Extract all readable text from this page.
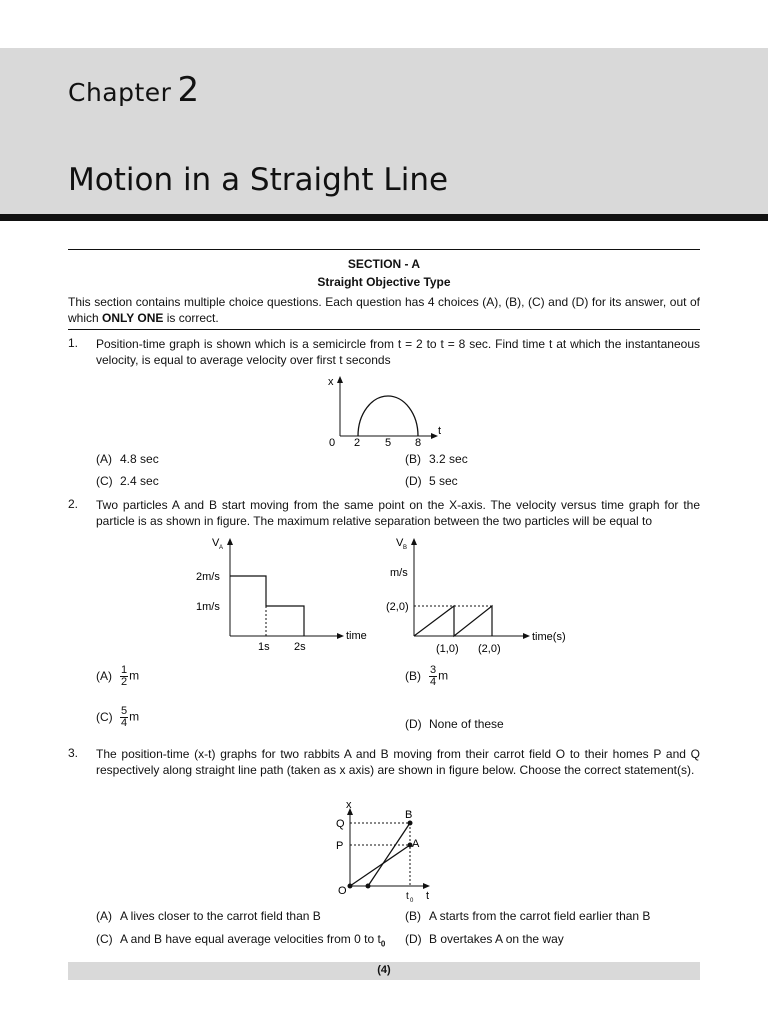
Chapter 2
Motion in a Straight Line
SECTION - A
Straight Objective Type
This section contains multiple choice questions. Each question has 4 choices (A), (B), (C) and (D) for its answer, out of which ONLY ONE is correct.
1. Position-time graph is shown which is a semicircle from t = 2 to t = 8 sec. Find time t at which the instantaneous velocity, is equal to average velocity over first t seconds
x
t
0 2 5 8
(A) 4.8 sec	(B) 3.2 sec
(C) 2.4 sec	(D) 5 sec
2. Two particles A and B start moving from the same point on the X-axis. The velocity versus time graph for the particle is as shown in figure. The maximum relative separation between the two particles will be equal to
V A
2m/s
1m/s
1s 2s
time
V B
m/s
(2,0)
(1,0) (2,0)
time(s)
$(A) \frac{1}{2}$ m	$(B) \frac{3}{4}$ m
$(C) \frac{5}{4}$ m
(D) None of these
3. The position-time (x-t) graphs for two rabbits A and B moving from their carrot field O to their homes P and Q respectively along straight line path (taken as x axis) are shown in figure below. Choose the correct statement(s).
x
Q
P
B
A
O	t 0 t
(A) A lives closer to the carrot field than B	(B) A starts from the carrot field earlier than B
(C) A and B have equal average velocities from 0 to $t_0$ (D) B overtakes A on the way
(4)
